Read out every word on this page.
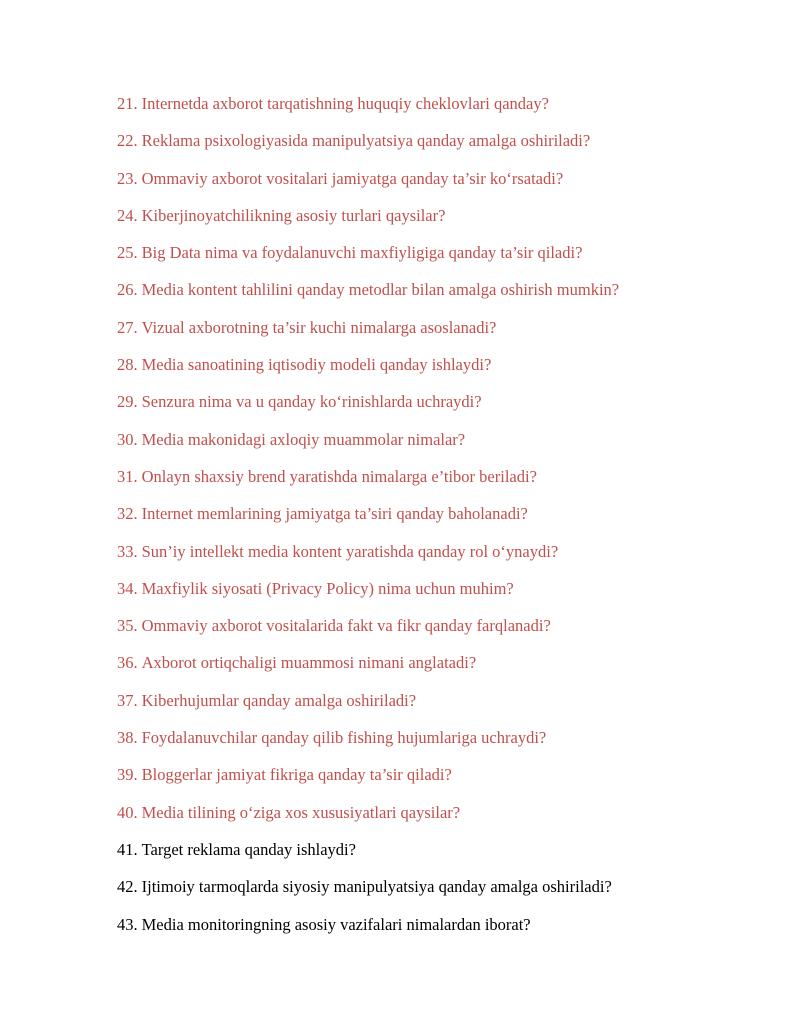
21. Internetda axborot tarqatishning huquqiy cheklovlari qanday?
22. Reklama psixologiyasida manipulyatsiya qanday amalga oshiriladi?
23. Ommaviy axborot vositalari jamiyatga qanday ta’sir ko‘rsatadi?
24. Kiberjinoyatchilikning asosiy turlari qaysilar?
25. Big Data nima va foydalanuvchi maxfiyligiga qanday ta’sir qiladi?
26. Media kontent tahlilini qanday metodlar bilan amalga oshirish mumkin?
27. Vizual axborotning ta’sir kuchi nimalarga asoslanadi?
28. Media sanoatining iqtisodiy modeli qanday ishlaydi?
29. Senzura nima va u qanday ko‘rinishlarda uchraydi?
30. Media makonidagi axloqiy muammolar nimalar?
31. Onlayn shaxsiy brend yaratishda nimalarga e’tibor beriladi?
32. Internet memlarining jamiyatga ta’siri qanday baholanadi?
33. Sun’iy intellekt media kontent yaratishda qanday rol o‘ynaydi?
34. Maxfiylik siyosati (Privacy Policy) nima uchun muhim?
35. Ommaviy axborot vositalarida fakt va fikr qanday farqlanadi?
36. Axborot ortiqchaligi muammosi nimani anglatadi?
37. Kiberhujumlar qanday amalga oshiriladi?
38. Foydalanuvchilar qanday qilib fishing hujumlariga uchraydi?
39. Bloggerlar jamiyat fikriga qanday ta’sir qiladi?
40. Media tilining o‘ziga xos xususiyatlari qaysilar?
41. Target reklama qanday ishlaydi?
42. Ijtimoiy tarmoqlarda siyosiy manipulyatsiya qanday amalga oshiriladi?
43. Media monitoringning asosiy vazifalari nimalardan iborat?
